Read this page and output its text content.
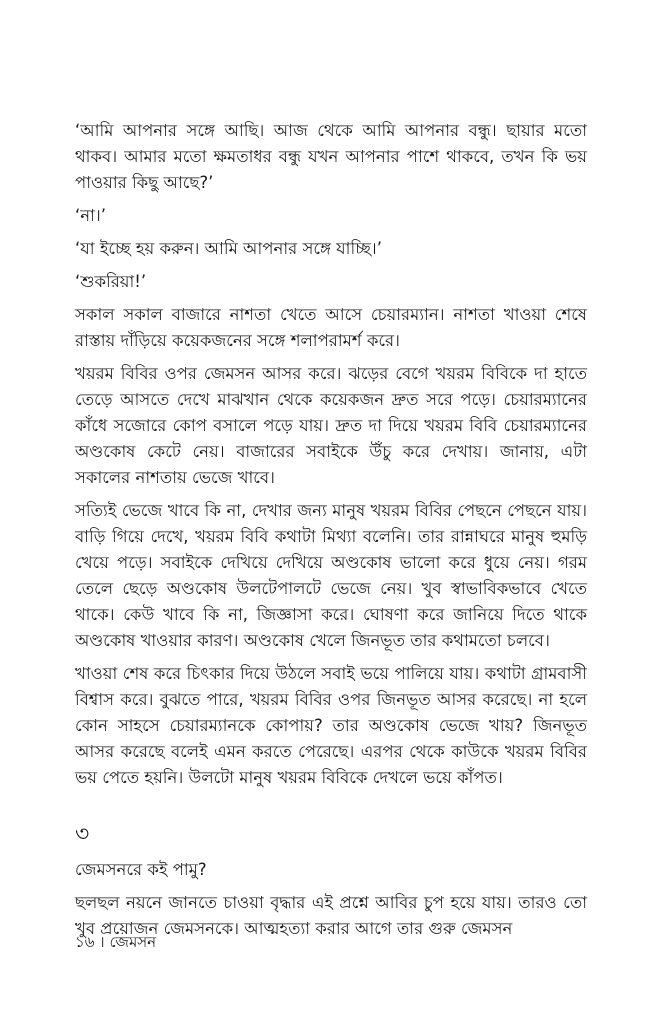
‘আমি আপনার সঙ্গে আছি। আজ থেকে আমি আপনার বন্ধু। ছায়ার মতো থাকব। আমার মতো ক্ষমতাধর বন্ধু যখন আপনার পাশে থাকবে, তখন কি ভয় পাওয়ার কিছু আছে?’

‘না।’

‘যা ইচ্ছে হয় করুন। আমি আপনার সঙ্গে যাচ্ছি।’

‘শুকরিয়া!’

সকাল সকাল বাজারে নাশতা খেতে আসে চেয়ারম্যান। নাশতা খাওয়া শেষে রাস্তায় দাঁড়িয়ে কয়েকজনের সঙ্গে শলাপরামর্শ করে।

খয়রম বিবির ওপর জেমসন আসর করে। ঝড়ের বেগে খয়রম বিবিকে দা হাতে তেড়ে আসতে দেখে মাঝখান থেকে কয়েকজন দ্রুত সরে পড়ে। চেয়ারম্যানের কাঁধে সজোরে কোপ বসালে পড়ে যায়। দ্রুত দা দিয়ে খয়রম বিবি চেয়ারম্যানের অণ্ডকোষ কেটে নেয়। বাজারের সবাইকে উঁচু করে দেখায়। জানায়, এটা সকালের নাশতায় ভেজে খাবে।

সত্যিই ভেজে খাবে কি না, দেখার জন্য মানুষ খয়রম বিবির পেছনে পেছনে যায়। বাড়ি গিয়ে দেখে, খয়রম বিবি কথাটা মিথ্যা বলেনি। তার রান্নাঘরে মানুষ হুমড়ি খেয়ে পড়ে। সবাইকে দেখিয়ে দেখিয়ে অণ্ডকোষ ভালো করে ধুয়ে নেয়। গরম তেলে ছেড়ে অণ্ডকোষ উলটেপালটে ভেজে নেয়। খুব স্বাভাবিকভাবে খেতে থাকে। কেউ খাবে কি না, জিজ্ঞাসা করে। ঘোষণা করে জানিয়ে দিতে থাকে অণ্ডকোষ খাওয়ার কারণ। অণ্ডকোষ খেলে জিনভূত তার কথামতো চলবে।

খাওয়া শেষ করে চিৎকার দিয়ে উঠলে সবাই ভয়ে পালিয়ে যায়। কথাটা গ্রামবাসী বিশ্বাস করে। বুঝতে পারে, খয়রম বিবির ওপর জিনভূত আসর করেছে। না হলে কোন সাহসে চেয়ারম্যানকে কোপায়? তার অণ্ডকোষ ভেজে খায়? জিনভূত আসর করেছে বলেই এমন করতে পেরেছে। এরপর থেকে কাউকে খয়রম বিবির ভয় পেতে হয়নি। উলটো মানুষ খয়রম বিবিকে দেখলে ভয়ে কাঁপত।

৩

জেমসনরে কই পামু?

ছলছল নয়নে জানতে চাওয়া বৃদ্ধার এই প্রশ্নে আবির চুপ হয়ে যায়। তারও তো খুব প্রয়োজন জেমসনকে। আত্মহত্যা করার আগে তার গুরু জেমসন

১৬ । জেমসন
